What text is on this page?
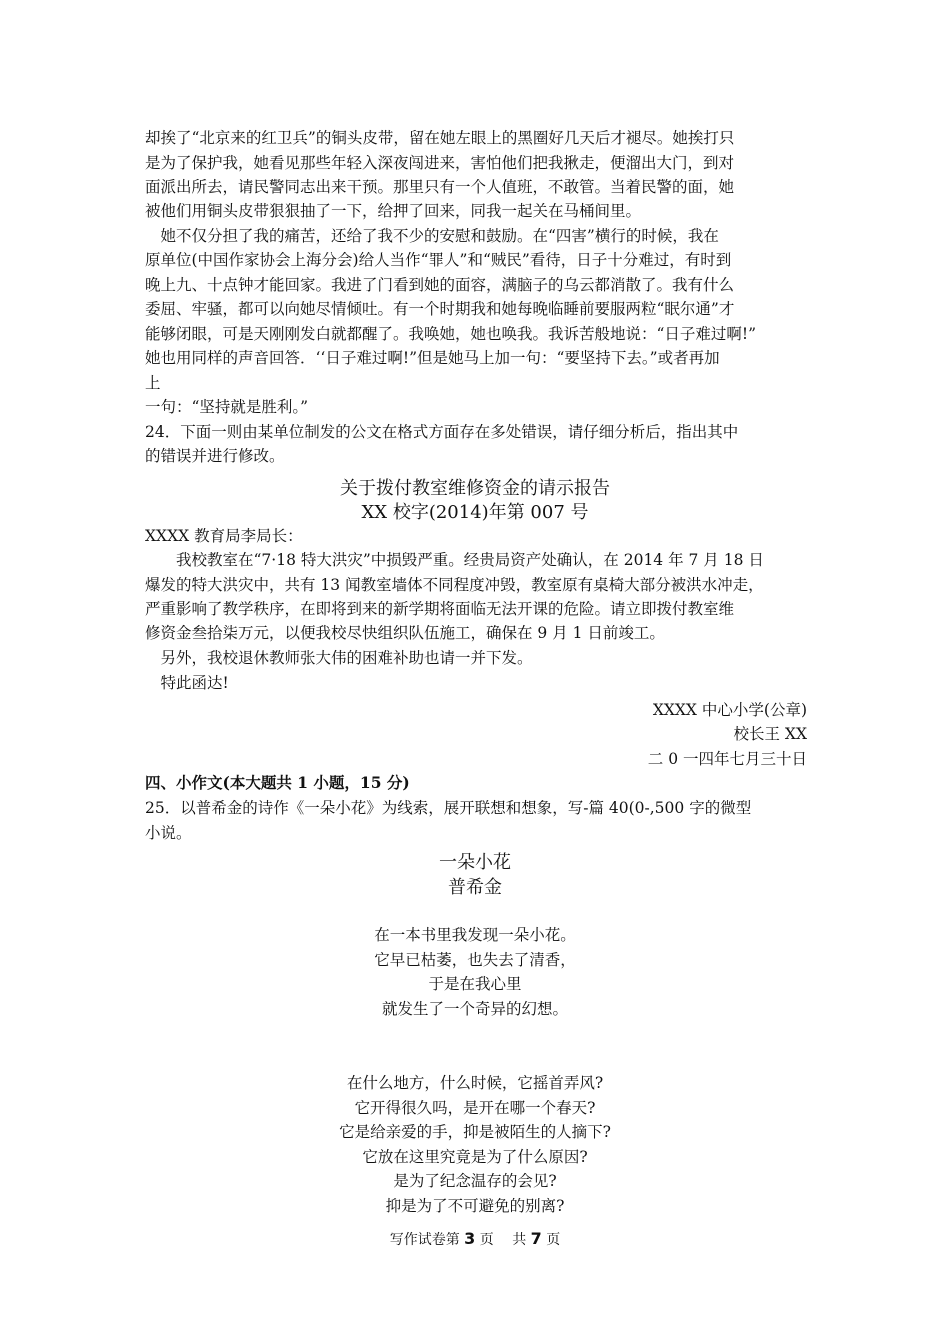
却挨了“北京来的红卫兵”的铜头皮带，留在她左眼上的黑圈好几天后才褪尽。她挨打只
是为了保护我，她看见那些年轻入深夜闯进来，害怕他们把我揪走，便溜出大门，到对
面派出所去，请民警同志出来干预。那里只有一个人值班，不敢管。当着民警的面，她
被他们用铜头皮带狠狠抽了一下，给押了回来，同我一起关在马桶间里。
　她不仅分担了我的痛苦，还给了我不少的安慰和鼓励。在“四害”横行的时候，我在
原单位(中国作家协会上海分会)给人当作“罪人”和“贼民”看待，日子十分难过，有时到
晚上九、十点钟才能回家。我进了门看到她的面容，满脑子的乌云都消散了。我有什么
委屈、牢骚，都可以向她尽情倾吐。有一个时期我和她每晚临睡前要服两粒“眠尔通”才
能够闭眼，可是天刚刚发白就都醒了。我唤她，她也唤我。我诉苦般地说：“日子难过啊!”
她也用同样的声音回答．‘‘日子难过啊!”但是她马上加一句：“要坚持下去。”或者再加
上
一句：“坚持就是胜利。”
24．下面一则由某单位制发的公文在格式方面存在多处错误，请仔细分析后，指出其中
的错误并进行修改。
关于拨付教室维修资金的请示报告
XX 校字(2014)年第 007 号
XXXX 教育局李局长：
　　我校教室在“7·18 特大洪灾”中损毁严重。经贵局资产处确认，在 2014 年 7 月 18 日
爆发的特大洪灾中，共有 13 闻教室墙体不同程度冲毁，教室原有桌椅大部分被洪水冲走，
严重影响了教学秩序，在即将到来的新学期将面临无法开课的危险。请立即拨付教室维
修资金叁拾柒万元，以便我校尽快组织队伍施工，确保在 9 月 1 日前竣工。
　另外，我校退休教师张大伟的困难补助也请一并下发。
　特此函达!
XXXX 中心小学(公章)
校长王 XX
二 0 一四年七月三十日
四、小作文(本大题共 1 小题，15 分)
25．以普希金的诗作《一朵小花》为线索，展开联想和想象，写-篇 40(0-,500 字的微型
小说。
一朵小花
普希金
在一本书里我发现一朵小花。
它早已枯萎，也失去了清香，
于是在我心里
就发生了一个奇异的幻想。
在什么地方，什么时候，它摇首弄风?
它开得很久吗，是开在哪一个春天?
它是给亲爱的手，抑是被陌生的人摘下?
它放在这里究竟是为了什么原因?
是为了纪念温存的会见?
抑是为了不可避免的别离?
写作试卷第 3 页　 共 7 页
